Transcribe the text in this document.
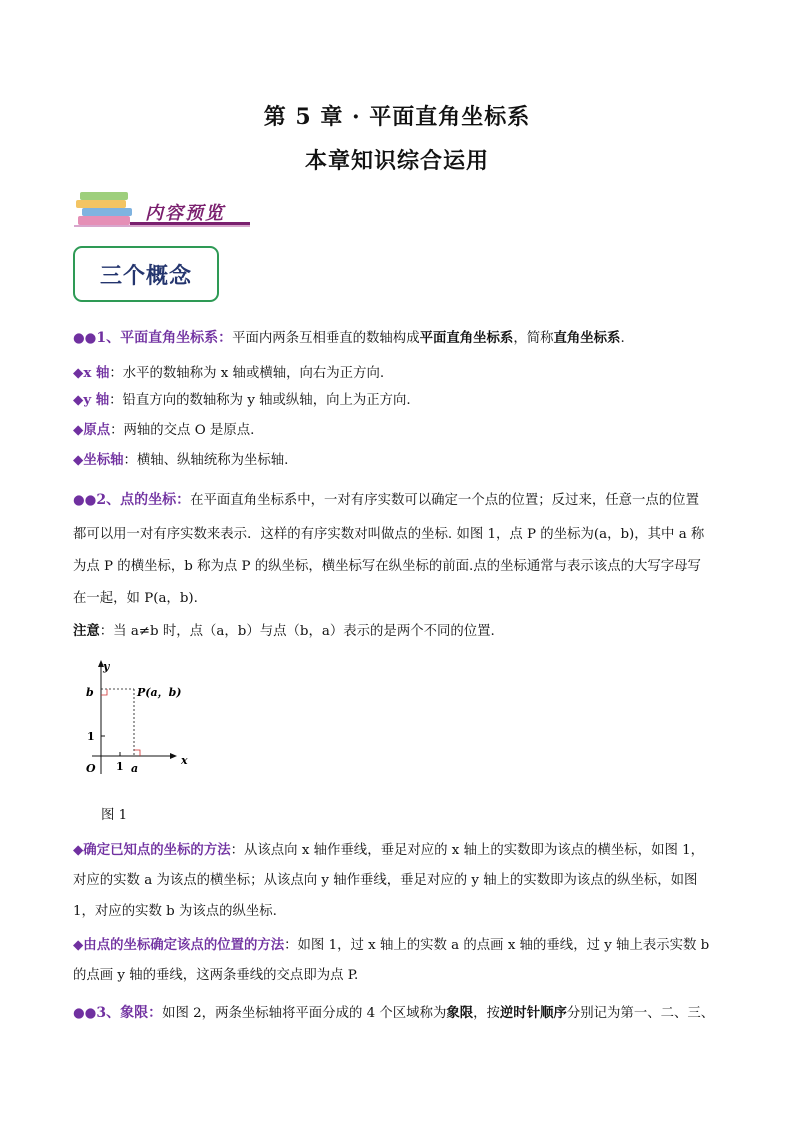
第 5 章 · 平面直角坐标系
本章知识综合运用
内容预览
三个概念
●●1、平面直角坐标系：平面内两条互相垂直的数轴构成平面直角坐标系，简称直角坐标系.
◆x 轴：水平的数轴称为 x 轴或横轴，向右为正方向.
◆y 轴：铅直方向的数轴称为 y 轴或纵轴，向上为正方向.
◆原点：两轴的交点 O 是原点.
◆坐标轴：横轴、纵轴统称为坐标轴.
●●2、点的坐标：在平面直角坐标系中，一对有序实数可以确定一个点的位置；反过来，任意一点的位置
都可以用一对有序实数来表示．这样的有序实数对叫做点的坐标. 如图 1，点 P 的坐标为(a，b)，其中 a 称
为点 P 的横坐标，b 称为点 P 的纵坐标，横坐标写在纵坐标的前面.点的坐标通常与表示该点的大写字母写
在一起，如 P(a，b).
注意：当 a≠b 时，点（a，b）与点（b，a）表示的是两个不同的位置.
y
x
b
1
O 1 a
P(a，b)
图 1
◆确定已知点的坐标的方法：从该点向 x 轴作垂线，垂足对应的 x 轴上的实数即为该点的横坐标，如图 1，
对应的实数 a 为该点的横坐标；从该点向 y 轴作垂线，垂足对应的 y 轴上的实数即为该点的纵坐标，如图
1，对应的实数 b 为该点的纵坐标.
◆由点的坐标确定该点的位置的方法：如图 1，过 x 轴上的实数 a 的点画 x 轴的垂线，过 y 轴上表示实数 b
的点画 y 轴的垂线，这两条垂线的交点即为点 P.
●●3、象限：如图 2，两条坐标轴将平面分成的 4 个区域称为象限，按逆时针顺序分别记为第一、二、三、
